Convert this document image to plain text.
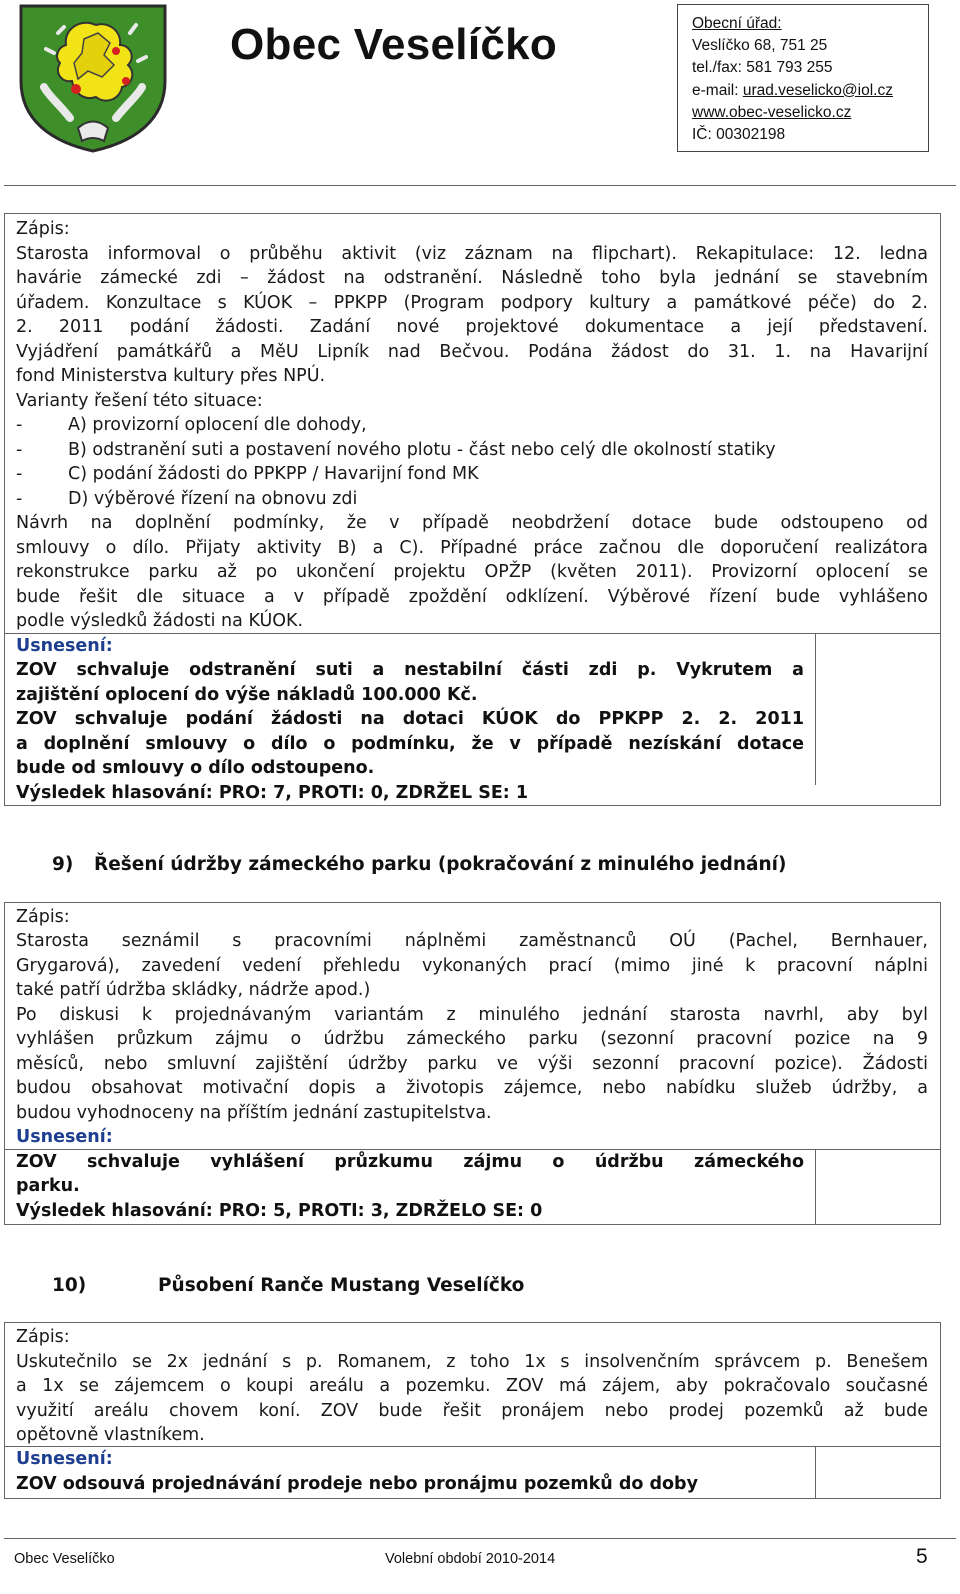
Obec Veselíčko	Obecní úřad:
Veslíčko 68, 751 25
tel./fax: 581 793 255
e-mail: urad.veselicko@iol.cz
www.obec-veselicko.cz
IČ: 00302198
Zápis:
Starosta informoval o průběhu aktivit (viz záznam na flipchart). Rekapitulace: 12. ledna
havárie zámecké zdi – žádost na odstranění. Následně toho byla jednání se stavebním
úřadem. Konzultace s KÚOK – PPKPP (Program podpory kultury a památkové péče) do 2.
2. 2011 podání žádosti. Zadání nové projektové dokumentace a její představení.
Vyjádření památkářů a MěU Lipník nad Bečvou. Podána žádost do 31. 1. na Havarijní
fond Ministerstva kultury přes NPÚ.
Varianty řešení této situace:
-	A) provizorní oplocení dle dohody,
-	B) odstranění suti a postavení nového plotu - část nebo celý dle okolností statiky
-	C) podání žádosti do PPKPP / Havarijní fond MK
-	D) výběrové řízení na obnovu zdi
Návrh na doplnění podmínky, že v případě neobdržení dotace bude odstoupeno od
smlouvy o dílo. Přijaty aktivity B) a C). Případné práce začnou dle doporučení realizátora
rekonstrukce parku až po ukončení projektu OPŽP (květen 2011). Provizorní oplocení se
bude řešit dle situace a v případě zpoždění odklízení. Výběrové řízení bude vyhlášeno
podle výsledků žádosti na KÚOK.
Usnesení:
ZOV schvaluje odstranění suti a nestabilní části zdi p. Vykrutem a
zajištění oplocení do výše nákladů 100.000 Kč.
ZOV schvaluje podání žádosti na dotaci KÚOK do PPKPP 2. 2. 2011
a doplnění smlouvy o dílo o podmínku, že v případě nezískání dotace
bude od smlouvy o dílo odstoupeno.
Výsledek hlasování: PRO: 7, PROTI: 0, ZDRŽEL SE: 1
9) Řešení údržby zámeckého parku (pokračování z minulého jednání)
Zápis:
Starosta seznámil s pracovními náplněmi zaměstnanců OÚ (Pachel, Bernhauer,
Grygarová), zavedení vedení přehledu vykonaných prací (mimo jiné k pracovní náplni
také patří údržba skládky, nádrže apod.)
Po diskusi k projednávaným variantám z minulého jednání starosta navrhl, aby byl
vyhlášen průzkum zájmu o údržbu zámeckého parku (sezonní pracovní pozice na 9
měsíců, nebo smluvní zajištění údržby parku ve výši sezonní pracovní pozice). Žádosti
budou obsahovat motivační dopis a životopis zájemce, nebo nabídku služeb údržby, a
budou vyhodnoceny na příštím jednání zastupitelstva.
Usnesení:
ZOV schvaluje vyhlášení průzkumu zájmu o údržbu zámeckého
parku.
Výsledek hlasování: PRO: 5, PROTI: 3, ZDRŽELO SE: 0
10)	Působení Ranče Mustang Veselíčko
Zápis:
Uskutečnilo se 2x jednání s p. Romanem, z toho 1x s insolvenčním správcem p. Benešem
a 1x se zájemcem o koupi areálu a pozemku. ZOV má zájem, aby pokračovalo současné
využití areálu chovem koní. ZOV bude řešit pronájem nebo prodej pozemků až bude
opětovně vlastníkem.
Usnesení:
ZOV odsouvá projednávání prodeje nebo pronájmu pozemků do doby
Obec Veselíčko	Volební období 2010-2014	5
